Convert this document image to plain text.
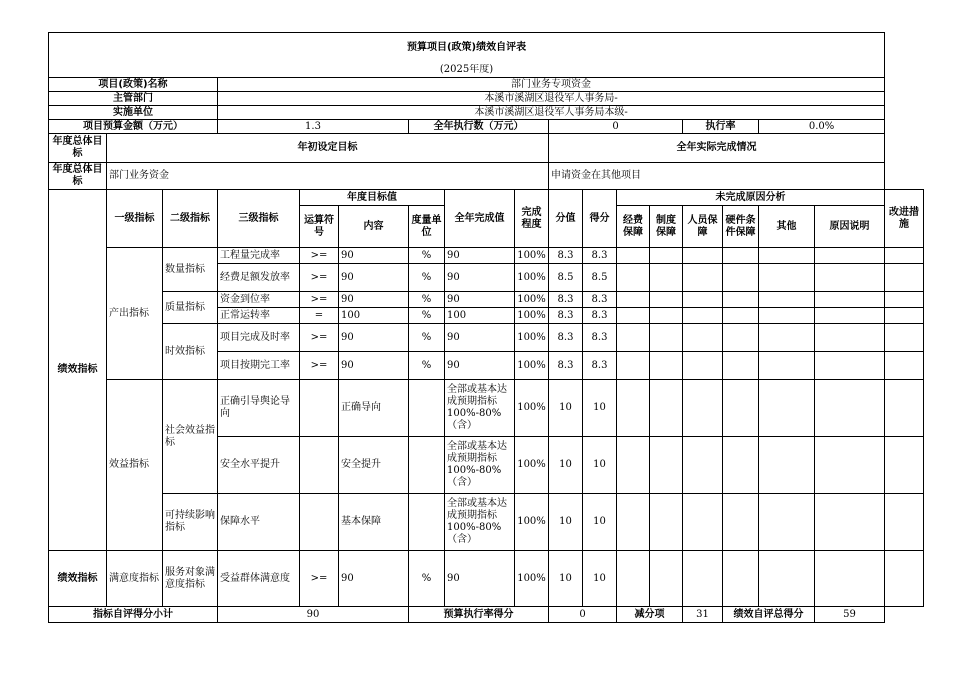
预算项目(政策)绩效自评表																	
(2025年度)																	
项目(政策)名称			部门业务专项资金														
主管部门			本溪市溪湖区退役军人事务局-														
实施单位			本溪市溪湖区退役军人事务局本级-														
项目预算金额（万元）			1.3			全年执行数（万元）			0				执行率		0.0%		
年度总体目标	年初设定目标								全年实际完成情况								
年度总体目标	部门业务资金								申请资金在其他项目								
绩效指标	一级指标	二级指标	三级指标	年度目标值			全年完成值	完成程度	分值	得分	未完成原因分析						改进措施
				运算符号	内容	度量单位					经费保障	制度保障	人员保障	硬件条件保障	其他	原因说明	
	产出指标	数量指标	工程量完成率	>=	90	%	90	100%	8.3	8.3							
			经费足额发放率	>=	90	%	90	100%	8.5	8.5							
		质量指标	资金到位率	>=	90	%	90	100%	8.3	8.3							
			正常运转率	=	100	%	100	100%	8.3	8.3							
		时效指标	项目完成及时率	>=	90	%	90	100%	8.3	8.3							
			项目按期完工率	>=	90	%	90	100%	8.3	8.3							
	效益指标	社会效益指标	正确引导舆论导向		正确导向		全部或基本达成预期指标100%-80%（含）	100%	10	10							
			安全水平提升		安全提升		全部或基本达成预期指标100%-80%（含）	100%	10	10							
		可持续影响指标	保障水平		基本保障		全部或基本达成预期指标100%-80%（含）	100%	10	10							
绩效指标	满意度指标	服务对象满意度指标	受益群体满意度	>=	90	%	90	100%	10	10							
指标自评得分小计			90			预算执行率得分			0		减分项		31	绩效自评总得分		59	
